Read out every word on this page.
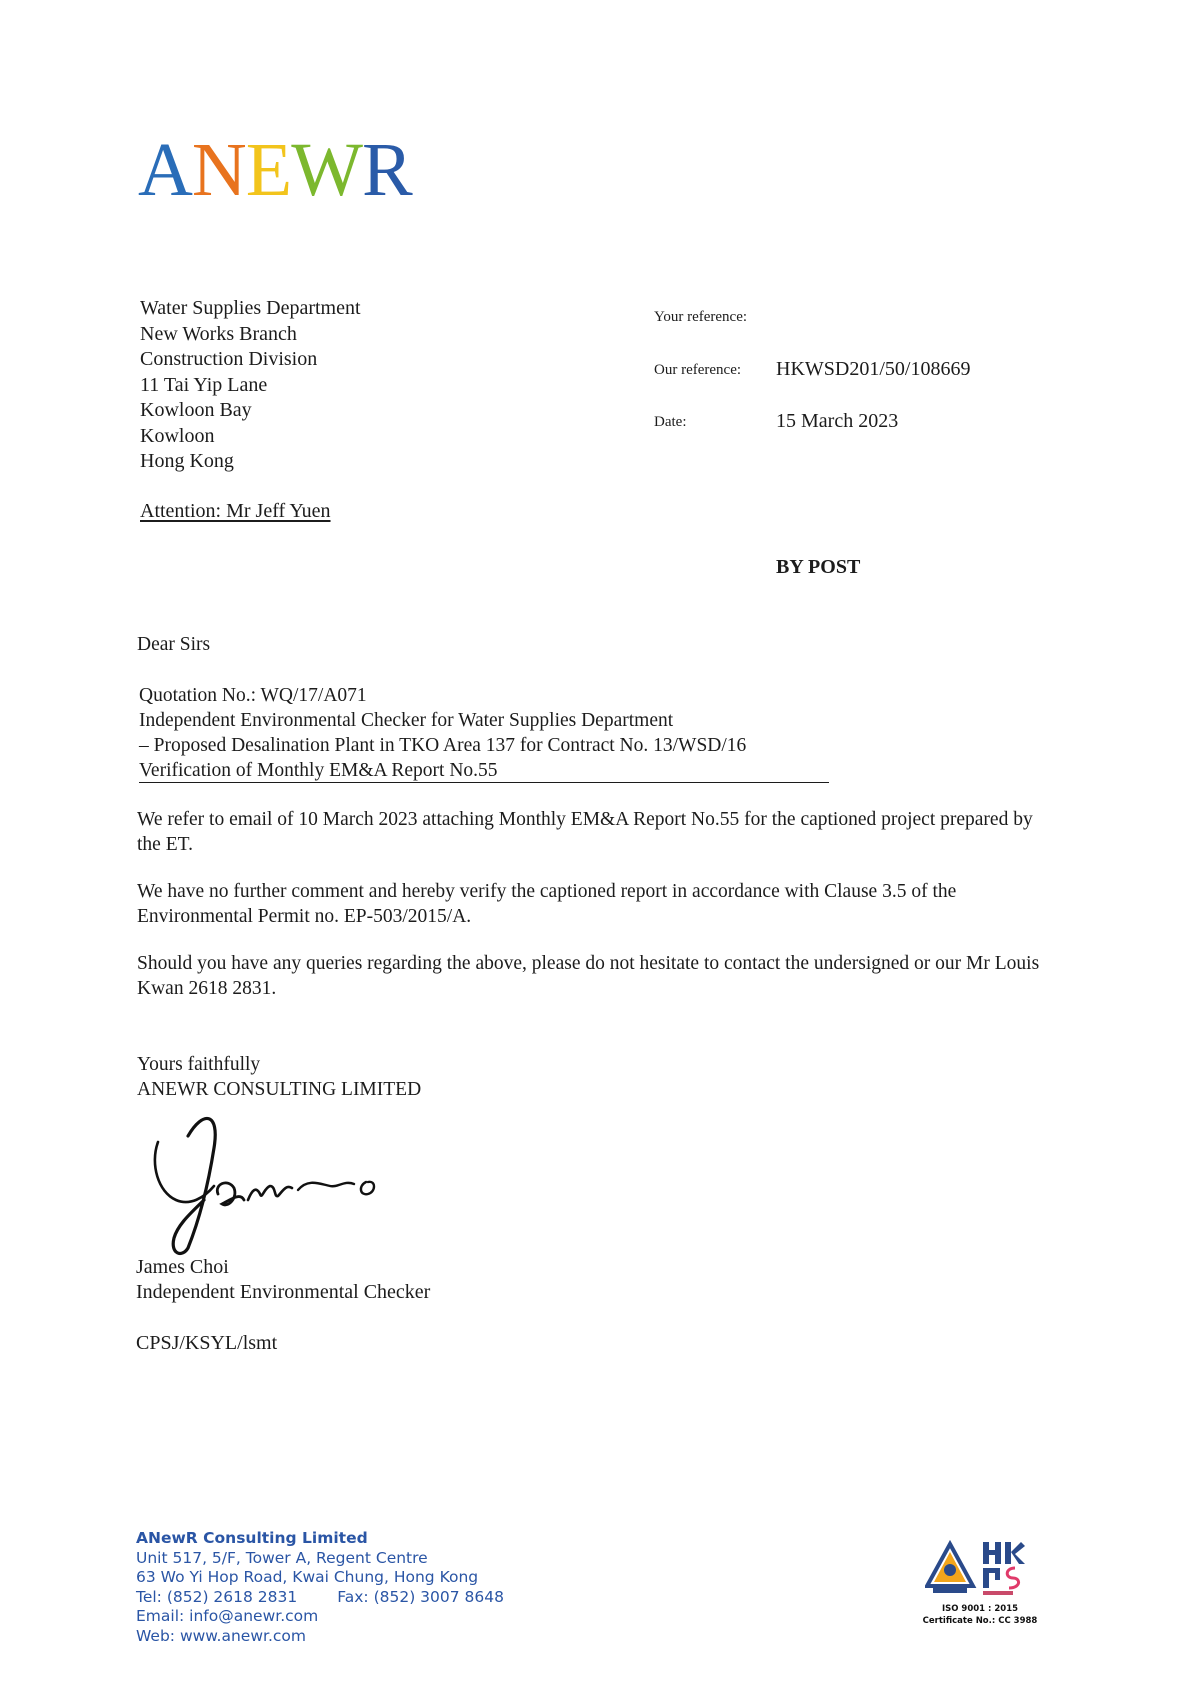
ANEWR
Water Supplies Department
New Works Branch
Construction Division
11 Tai Yip Lane
Kowloon Bay
Kowloon
Hong Kong
Attention: Mr Jeff Yuen
Your reference:
Our reference: HKWSD201/50/108669
Date:	15 March 2023
BY POST
Dear Sirs
Quotation No.: WQ/17/A071
Independent Environmental Checker for Water Supplies Department
– Proposed Desalination Plant in TKO Area 137 for Contract No. 13/WSD/16
Verification of Monthly EM&A Report No.55
We refer to email of 10 March 2023 attaching Monthly EM&A Report No.55 for the captioned project prepared by the ET.
We have no further comment and hereby verify the captioned report in accordance with Clause 3.5 of the Environmental Permit no. EP-503/2015/A.
Should you have any queries regarding the above, please do not hesitate to contact the undersigned or our Mr Louis Kwan 2618 2831.
Yours faithfully
ANEWR CONSULTING LIMITED
James Choi
Independent Environmental Checker
CPSJ/KSYL/lsmt
ANewR Consulting Limited
Unit 517, 5/F, Tower A, Regent Centre
63 Wo Yi Hop Road, Kwai Chung, Hong Kong
Tel: (852) 2618 2831	Fax: (852) 3007 8648
Email: info@anewr.com
Web: www.anewr.com
ISO 9001 : 2015
Certificate No.: CC 3988
